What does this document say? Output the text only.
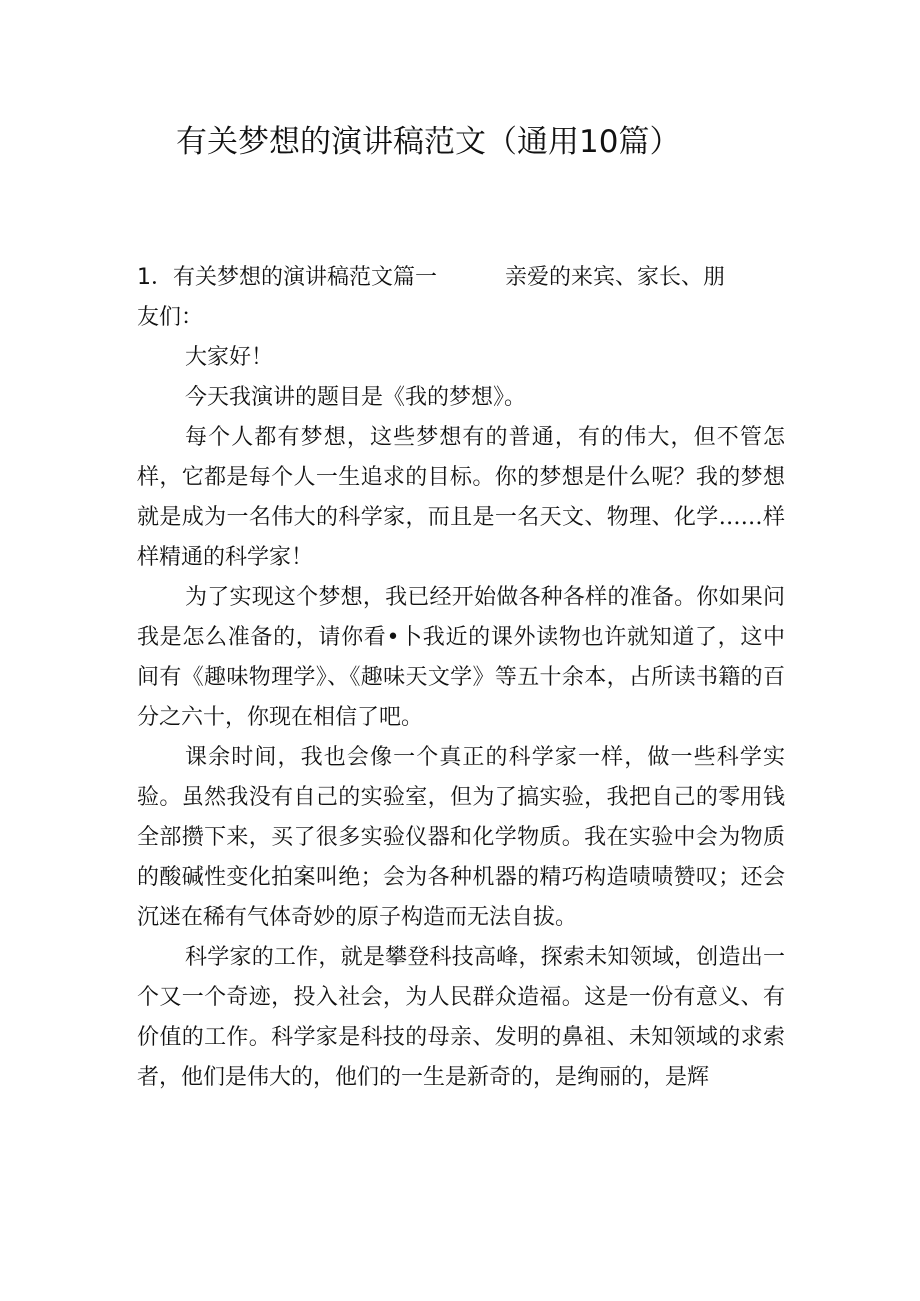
有关梦想的演讲稿范文（通用10篇）

1．有关梦想的演讲稿范文篇一	亲爱的来宾、家长、朋

友们：

大家好！

今天我演讲的题目是《我的梦想》。

每个人都有梦想，这些梦想有的普通，有的伟大，但不管怎样，它都是每个人一生追求的目标。你的梦想是什么呢？我的梦想就是成为一名伟大的科学家，而且是一名天文、物理、化学……样样精通的科学家！

为了实现这个梦想，我已经开始做各种各样的准备。你如果问我是怎么准备的，请你看•卜我近的课外读物也许就知道了，这中间有《趣味物理学》、《趣味天文学》等五十余本，占所读书籍的百分之六十，你现在相信了吧。

课余时间，我也会像一个真正的科学家一样，做一些科学实验。虽然我没有自己的实验室，但为了搞实验，我把自己的零用钱全部攒下来，买了很多实验仪器和化学物质。我在实验中会为物质的酸碱性变化拍案叫绝；会为各种机器的精巧构造啧啧赞叹；还会沉迷在稀有气体奇妙的原子构造而无法自拔。

科学家的工作，就是攀登科技高峰，探索未知领域，创造出一个又一个奇迹，投入社会，为人民群众造福。这是一份有意义、有价值的工作。科学家是科技的母亲、发明的鼻祖、未知领域的求索者，他们是伟大的，他们的一生是新奇的，是绚丽的，是辉
